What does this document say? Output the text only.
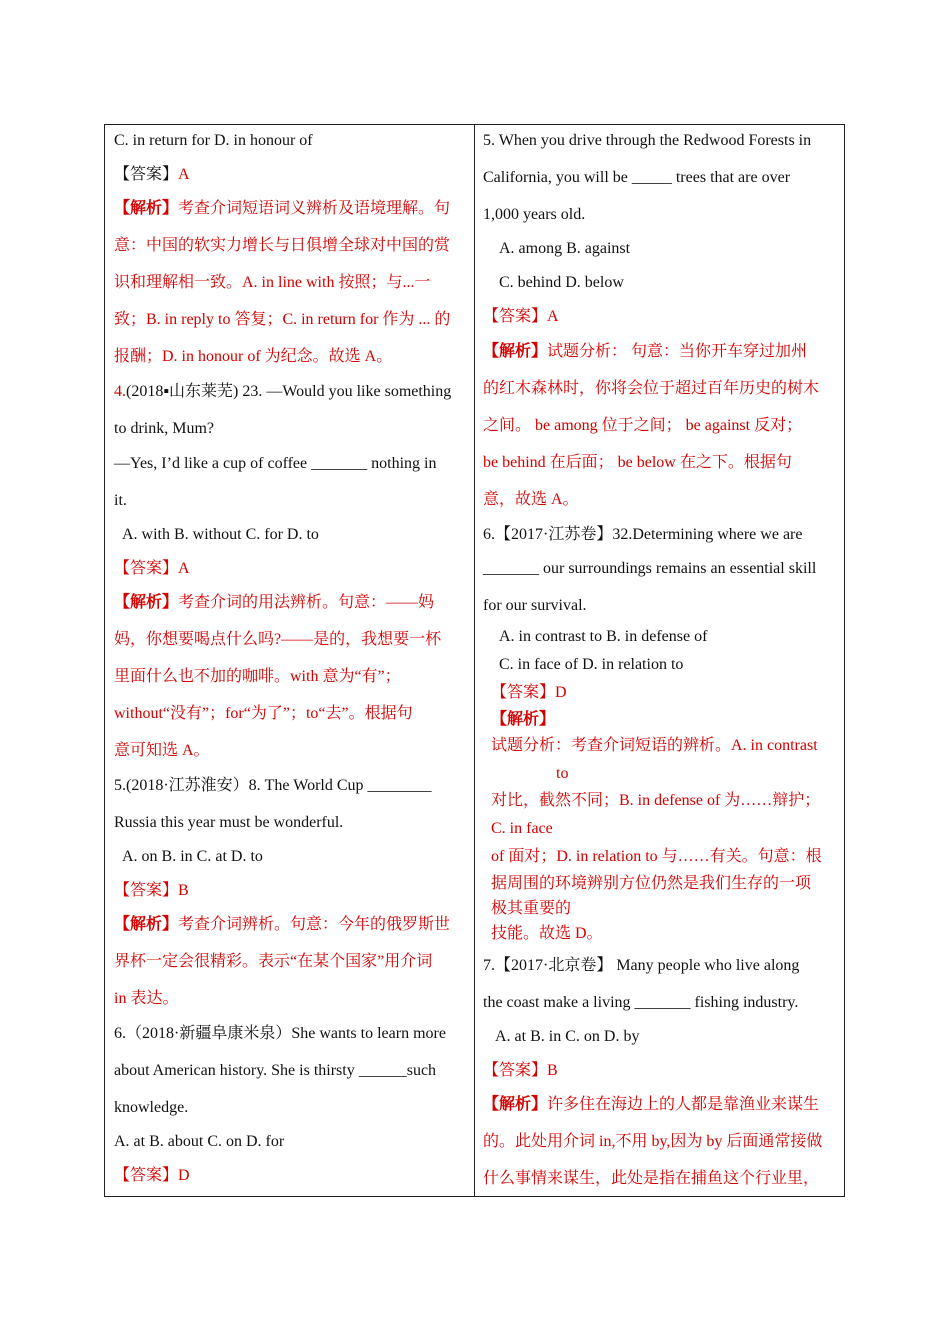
C. in return for D. in honour of
【答案】A
【解析】考查介词短语词义辨析及语境理解。句
意：中国的软实力增长与日俱增全球对中国的赏
识和理解相一致。A. in line with 按照；与...一
致；B. in reply to 答复；C. in return for 作为 ... 的
报酬；D. in honour of 为纪念。故选 A。
4.(2018▪山东莱芜) 23. —Would you like something
to drink, Mum?
—Yes, I’d like a cup of coffee _______ nothing in
it.
A. with B. without C. for D. to
【答案】A
【解析】考查介词的用法辨析。句意：——妈
妈，你想要喝点什么吗?——是的，我想要一杯
里面什么也不加的咖啡。with 意为“有”；
without“没有”；for“为了”；to“去”。根据句
意可知选 A。
5.(2018·江苏淮安）8. The World Cup ________
Russia this year must be wonderful.
A. on B. in C. at D. to
【答案】B
【解析】考查介词辨析。句意：今年的俄罗斯世
界杯一定会很精彩。表示“在某个国家”用介词
in 表达。
6.（2018·新疆阜康米泉）She wants to learn more
about American history. She is thirsty ______such
knowledge.
A. at B. about C. on D. for
【答案】D
5. When you drive through the Redwood Forests in
California, you will be _____ trees that are over
1,000 years old.
A. among B. against
C. behind D. below
【答案】A
【解析】试题分析： 句意：当你开车穿过加州
的红木森林时，你将会位于超过百年历史的树木
之间。 be among 位于之间； be against 反对；
be behind 在后面； be below 在之下。根据句
意，故选 A。
6.【2017·江苏卷】32.Determining where we are
_______ our surroundings remains an essential skill
for our survival.
A. in contrast to B. in defense of
C. in face of D. in relation to
【答案】D
【解析】
试题分析：考查介词短语的辨析。A. in contrast
to
对比，截然不同；B. in defense of 为……辩护；
C. in face
of 面对；D. in relation to 与……有关。句意：根
据周围的环境辨别方位仍然是我们生存的一项
极其重要的
技能。故选 D。
7.【2017·北京卷】 Many people who live along
the coast make a living _______ fishing industry.
A. at B. in C. on D. by
【答案】B
【解析】许多住在海边上的人都是靠渔业来谋生
的。此处用介词 in,不用 by,因为 by 后面通常接做
什么事情来谋生，此处是指在捕鱼这个行业里，
